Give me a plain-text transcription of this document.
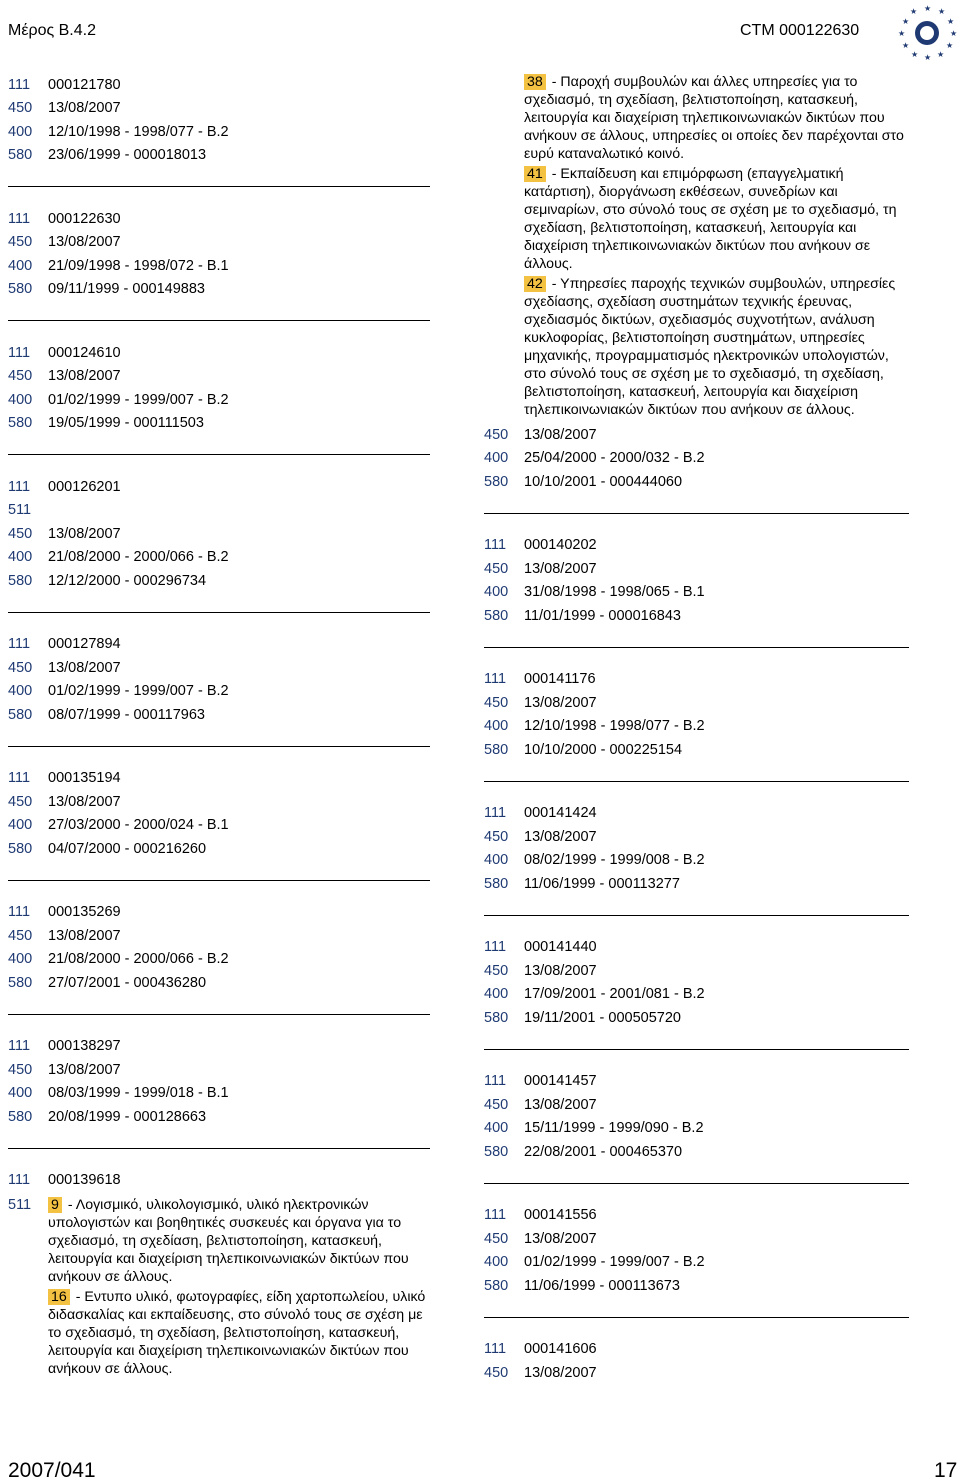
Μέρος Β.4.2	CTM 000122630
★ ★
★
★
★
★
★
★
★
★
★
★
111	000121780
450	13/08/2007
400	12/10/1998 - 1998/077 - B.2
580	23/06/1999 - 000018013
111	000122630
450	13/08/2007
400	21/09/1998 - 1998/072 - B.1
580	09/11/1999 - 000149883
111	000124610
450	13/08/2007
400	01/02/1999 - 1999/007 - B.2
580	19/05/1999 - 000111503
111	000126201
511
450	13/08/2007
400	21/08/2000 - 2000/066 - B.2
580	12/12/2000 - 000296734
111	000127894
450	13/08/2007
400	01/02/1999 - 1999/007 - B.2
580	08/07/1999 - 000117963
111	000135194
450	13/08/2007
400	27/03/2000 - 2000/024 - B.1
580	04/07/2000 - 000216260
111	000135269
450	13/08/2007
400	21/08/2000 - 2000/066 - B.2
580	27/07/2001 - 000436280
111	000138297
450	13/08/2007
400	08/03/1999 - 1999/018 - B.1
580	20/08/1999 - 000128663
111	000139618
511	9 - Λογισμικό, υλικολογισμικό, υλικό ηλεκτρονικών υπολογιστών και βοηθητικές συσκευές και όργανα για το σχεδιασμό, τη σχεδίαση, βελτιστοποίηση, κατασκευή, λειτουργία και διαχείριση τηλεπικοινωνιακών δικτύων που ανήκουν σε άλλους.
16 - Εντυπο υλικό, φωτογραφίες, είδη χαρτοπωλείου, υλικό διδασκαλίας και εκπαίδευσης, στο σύνολό τους σε σχέση με το σχεδιασμό, τη σχεδίαση, βελτιστοποίηση, κατασκευή, λειτουργία και διαχείριση τηλεπικοινωνιακών δικτύων που ανήκουν σε άλλους.
38 - Παροχή συμβουλών και άλλες υπηρεσίες για το σχεδιασμό, τη σχεδίαση, βελτιστοποίηση, κατασκευή, λειτουργία και διαχείριση τηλεπικοινωνιακών δικτύων που ανήκουν σε άλλους, υπηρεσίες οι οποίες δεν παρέχονται στο ευρύ καταναλωτικό κοινό.
41 - Εκπαίδευση και επιμόρφωση (επαγγελματική κατάρτιση), διοργάνωση εκθέσεων, συνεδρίων και σεμιναρίων, στο σύνολό τους σε σχέση με το σχεδιασμό, τη σχεδίαση, βελτιστοποίηση, κατασκευή, λειτουργία και διαχείριση τηλεπικοινωνιακών δικτύων που ανήκουν σε άλλους.
42 - Υπηρεσίες παροχής τεχνικών συμβουλών, υπηρεσίες σχεδίασης, σχεδίαση συστημάτων τεχνικής έρευνας, σχεδιασμός δικτύων, σχεδιασμός συχνοτήτων, ανάλυση κυκλοφορίας, βελτιστοποίηση συστημάτων, υπηρεσίες μηχανικής, προγραμματισμός ηλεκτρονικών υπολογιστών, στο σύνολό τους σε σχέση με το σχεδιασμό, τη σχεδίαση, βελτιστοποίηση, κατασκευή, λειτουργία και διαχείριση τηλεπικοινωνιακών δικτύων που ανήκουν σε άλλους.
450	13/08/2007
400	25/04/2000 - 2000/032 - B.2
580	10/10/2001 - 000444060
111	000140202
450	13/08/2007
400	31/08/1998 - 1998/065 - B.1
580	11/01/1999 - 000016843
111	000141176
450	13/08/2007
400	12/10/1998 - 1998/077 - B.2
580	10/10/2000 - 000225154
111	000141424
450	13/08/2007
400	08/02/1999 - 1999/008 - B.2
580	11/06/1999 - 000113277
111	000141440
450	13/08/2007
400	17/09/2001 - 2001/081 - B.2
580	19/11/2001 - 000505720
111	000141457
450	13/08/2007
400	15/11/1999 - 1999/090 - B.2
580	22/08/2001 - 000465370
111	000141556
450	13/08/2007
400	01/02/1999 - 1999/007 - B.2
580	11/06/1999 - 000113673
111	000141606
450	13/08/2007
2007/041	17
